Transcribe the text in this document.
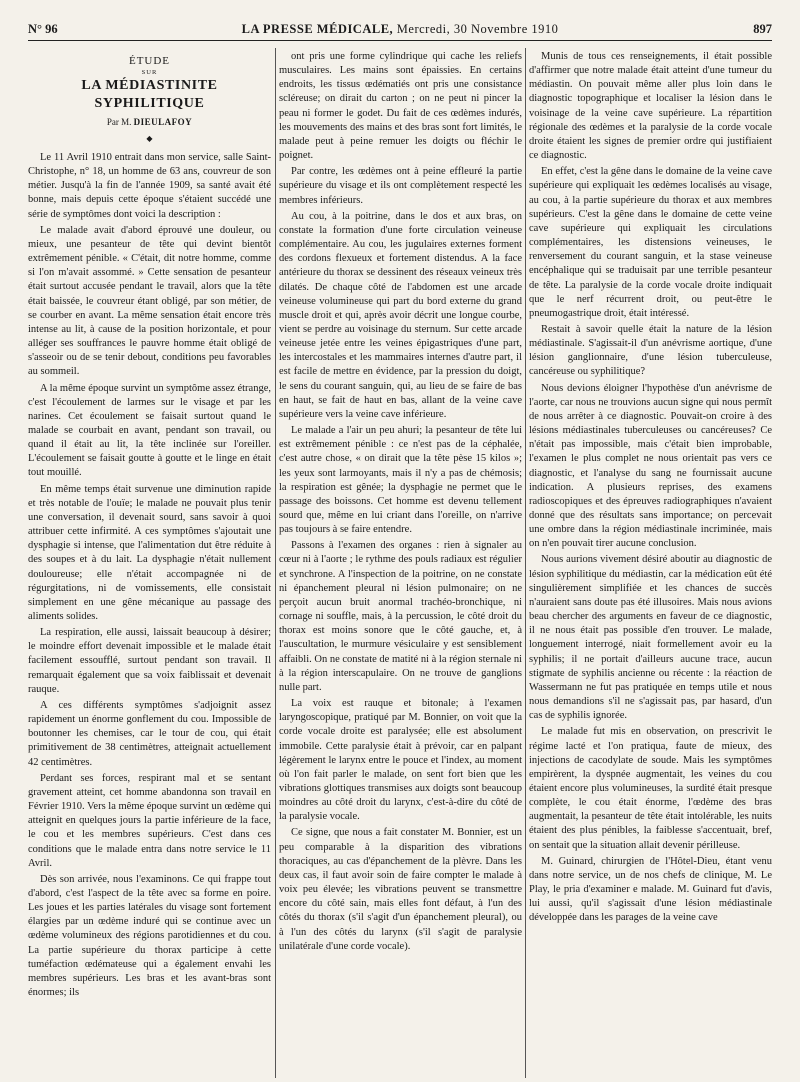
N° 96	LA PRESSE MÉDICALE, Mercredi, 30 Novembre 1910	897
ÉTUDE
SUR
LA MÉDIASTINITE SYPHILITIQUE
Par M. DIEULAFOY
◆

Le 11 Avril 1910 entrait dans mon service, salle Saint-Christophe, n° 18, un homme de 63 ans, couvreur de son métier. Jusqu'à la fin de l'année 1909, sa santé avait été bonne, mais depuis cette époque s'étaient succédé une série de symptômes dont voici la description :

Le malade avait d'abord éprouvé une douleur, ou mieux, une pesanteur de tête qui devint bientôt extrêmement pénible. « C'était, dit notre homme, comme si l'on m'avait assommé. » Cette sensation de pesanteur était surtout accusée pendant le travail, alors que la tête était baissée, le couvreur étant obligé, par son métier, de se courber en avant. La même sensation était encore très intense au lit, à cause de la position horizontale, et pour alléger ses souffrances le pauvre homme était obligé de s'asseoir ou de se tenir debout, conditions peu favorables au sommeil.

A la même époque survint un symptôme assez étrange, c'est l'écoulement de larmes sur le visage et par les narines. Cet écoulement se faisait surtout quand le malade se courbait en avant, pendant son travail, ou quand il était au lit, la tête inclinée sur l'oreiller. L'écoulement se faisait goutte à goutte et le linge en était tout mouillé.

En même temps était survenue une diminution rapide et très notable de l'ouïe; le malade ne pouvait plus tenir une conversation, il devenait sourd, sans savoir à quoi attribuer cette infirmité. A ces symptômes s'ajoutait une dysphagie si intense, que l'alimentation dut être réduite à des soupes et à du lait. La dysphagie n'était nullement douloureuse; elle n'était accompagnée ni de régurgitations, ni de vomissements, elle consistait simplement en une gêne mécanique au passage des aliments solides.

La respiration, elle aussi, laissait beaucoup à désirer; le moindre effort devenait impossible et le malade était facilement essoufflé, surtout pendant son travail. Il remarquait également que sa voix faiblissait et devenait rauque.

A ces différents symptômes s'adjoignit assez rapidement un énorme gonflement du cou. Impossible de boutonner les chemises, car le tour de cou, qui était primitivement de 38 centimètres, atteignait actuellement 42 centimètres.

Perdant ses forces, respirant mal et se sentant gravement atteint, cet homme abandonna son travail en Février 1910. Vers la même époque survint un œdème qui atteignit en quelques jours la partie inférieure de la face, le cou et les membres supérieurs. C'est dans ces conditions que le malade entra dans notre service le 11 Avril.

Dès son arrivée, nous l'examinons. Ce qui frappe tout d'abord, c'est l'aspect de la tête avec sa forme en poire. Les joues et les parties latérales du visage sont fortement élargies par un œdème induré qui se continue avec un œdème volumineux des régions parotidiennes et du cou. La partie supérieure du thorax participe à cette tuméfaction œdémateuse qui a également envahi les membres supérieurs. Les bras et les avant-bras sont énormes; ils

ont pris une forme cylindrique qui cache les reliefs musculaires. Les mains sont épaissies. En certains endroits, les tissus œdématiés ont pris une consistance scléreuse; on dirait du carton ; on ne peut ni pincer la peau ni former le godet. Du fait de ces œdèmes indurés, les mouvements des mains et des bras sont fort limités, le malade peut à peine remuer les doigts ou fléchir le poignet.

Par contre, les œdèmes ont à peine effleuré la partie supérieure du visage et ils ont complètement respecté les membres inférieurs.

Au cou, à la poitrine, dans le dos et aux bras, on constate la formation d'une forte circulation veineuse complémentaire. Au cou, les jugulaires externes forment des cordons flexueux et fortement distendus. A la face antérieure du thorax se dessinent des réseaux veineux très dilatés. De chaque côté de l'abdomen est une arcade veineuse volumineuse qui part du bord externe du grand muscle droit et qui, après avoir décrit une longue courbe, vient se perdre au voisinage du sternum. Sur cette arcade veineuse jetée entre les veines épigastriques d'une part, les intercostales et les mammaires internes d'autre part, il est facile de mettre en évidence, par la pression du doigt, le sens du courant sanguin, qui, au lieu de se faire de bas en haut, se fait de haut en bas, allant de la veine cave supérieure vers la veine cave inférieure.

Le malade a l'air un peu ahuri; la pesanteur de tête lui est extrêmement pénible : ce n'est pas de la céphalée, c'est autre chose, « on dirait que la tête pèse 15 kilos »; les yeux sont larmoyants, mais il n'y a pas de chémosis; la respiration est gênée; la dysphagie ne permet que le passage des boissons. Cet homme est devenu tellement sourd que, même en lui criant dans l'oreille, on n'arrive pas toujours à se faire entendre.

Passons à l'examen des organes : rien à signaler au cœur ni à l'aorte ; le rythme des pouls radiaux est régulier et synchrone. A l'inspection de la poitrine, on ne constate ni épanchement pleural ni lésion pulmonaire; on ne perçoit aucun bruit anormal trachéo-bronchique, ni cornage ni souffle, mais, à la percussion, le côté droit du thorax est moins sonore que le côté gauche, et, à l'auscultation, le murmure vésiculaire y est sensiblement affaibli. On ne constate de matité ni à la région sternale ni à la région interscapulaire. On ne trouve de ganglions nulle part.

La voix est rauque et bitonale; à l'examen laryngoscopique, pratiqué par M. Bonnier, on voit que la corde vocale droite est paralysée; elle est absolument immobile. Cette paralysie était à prévoir, car en palpant légèrement le larynx entre le pouce et l'index, au moment où l'on fait parler le malade, on sent fort bien que les vibrations glottiques transmises aux doigts sont beaucoup moindres au côté droit du larynx, c'est-à-dire du côté de la paralysie vocale.

Ce signe, que nous a fait constater M. Bonnier, est un peu comparable à la disparition des vibrations thoraciques, au cas d'épanchement de la plèvre. Dans les deux cas, il faut avoir soin de faire compter le malade à voix peu élevée; les vibrations peuvent se transmettre encore du côté sain, mais elles font défaut, à l'un des côtés du thorax (s'il s'agit d'un épanchement pleural), ou à l'un des côtés du larynx (s'il s'agit de paralysie unilatérale d'une corde vocale).

Munis de tous ces renseignements, il était possible d'affirmer que notre malade était atteint d'une tumeur du médiastin. On pouvait même aller plus loin dans le diagnostic topographique et localiser la lésion dans le voisinage de la veine cave supérieure. La répartition régionale des œdèmes et la paralysie de la corde vocale droite étaient les signes de premier ordre qui justifiaient ce diagnostic.

En effet, c'est la gêne dans le domaine de la veine cave supérieure qui expliquait les œdèmes localisés au visage, au cou, à la partie supérieure du thorax et aux membres supérieurs. C'est la gêne dans le domaine de cette veine cave supérieure qui expliquait les circulations complémentaires, les distensions veineuses, le renversement du courant sanguin, et la stase veineuse encéphalique qui se traduisait par une terrible pesanteur de tête. La paralysie de la corde vocale droite indiquait que le nerf récurrent droit, ou peut-être le pneumogastrique droit, était intéressé.

Restait à savoir quelle était la nature de la lésion médiastinale. S'agissait-il d'un anévrisme aortique, d'une lésion ganglionnaire, d'une lésion tuberculeuse, cancéreuse ou syphilitique?

Nous devions éloigner l'hypothèse d'un anévrisme de l'aorte, car nous ne trouvions aucun signe qui nous permît de nous arrêter à ce diagnostic. Pouvait-on croire à des lésions médiastinales tuberculeuses ou cancéreuses? Ce n'était pas impossible, mais c'était bien improbable, l'examen le plus complet ne nous orientait pas vers ce diagnostic, et l'analyse du sang ne fournissait aucune indication. A plusieurs reprises, des examens radioscopiques et des épreuves radiographiques n'avaient donné que des résultats sans importance; on percevait une ombre dans la région médiastinale incriminée, mais on n'en pouvait tirer aucune conclusion.

Nous aurions vivement désiré aboutir au diagnostic de lésion syphilitique du médiastin, car la médication eût été singulièrement simplifiée et les chances de succès n'auraient sans doute pas été illusoires. Mais nous avions beau chercher des arguments en faveur de ce diagnostic, il ne nous était pas possible d'en trouver. Le malade, longuement interrogé, niait formellement avoir eu la syphilis; il ne portait d'ailleurs aucune trace, aucun stigmate de syphilis ancienne ou récente : la réaction de Wassermann ne fut pas pratiquée en temps utile et nous nous demandions s'il ne s'agissait pas, par hasard, d'un cas de syphilis ignorée.

Le malade fut mis en observation, on prescrivit le régime lacté et l'on pratiqua, faute de mieux, des injections de cacodylate de soude. Mais les symptômes empirèrent, la dyspnée augmentait, les veines du cou étaient encore plus volumineuses, la surdité était presque complète, le cou était énorme, l'œdème des bras augmentait, la pesanteur de tête était intolérable, les nuits étaient des plus pénibles, la faiblesse s'accentuait, bref, on sentait que la situation allait devenir périlleuse.

M. Guinard, chirurgien de l'Hôtel-Dieu, étant venu dans notre service, un de nos chefs de clinique, M. Le Play, le pria d'examiner e malade. M. Guinard fut d'avis, lui aussi, qu'il s'agissait d'une lésion médiastinale développée dans les parages de la veine cave
